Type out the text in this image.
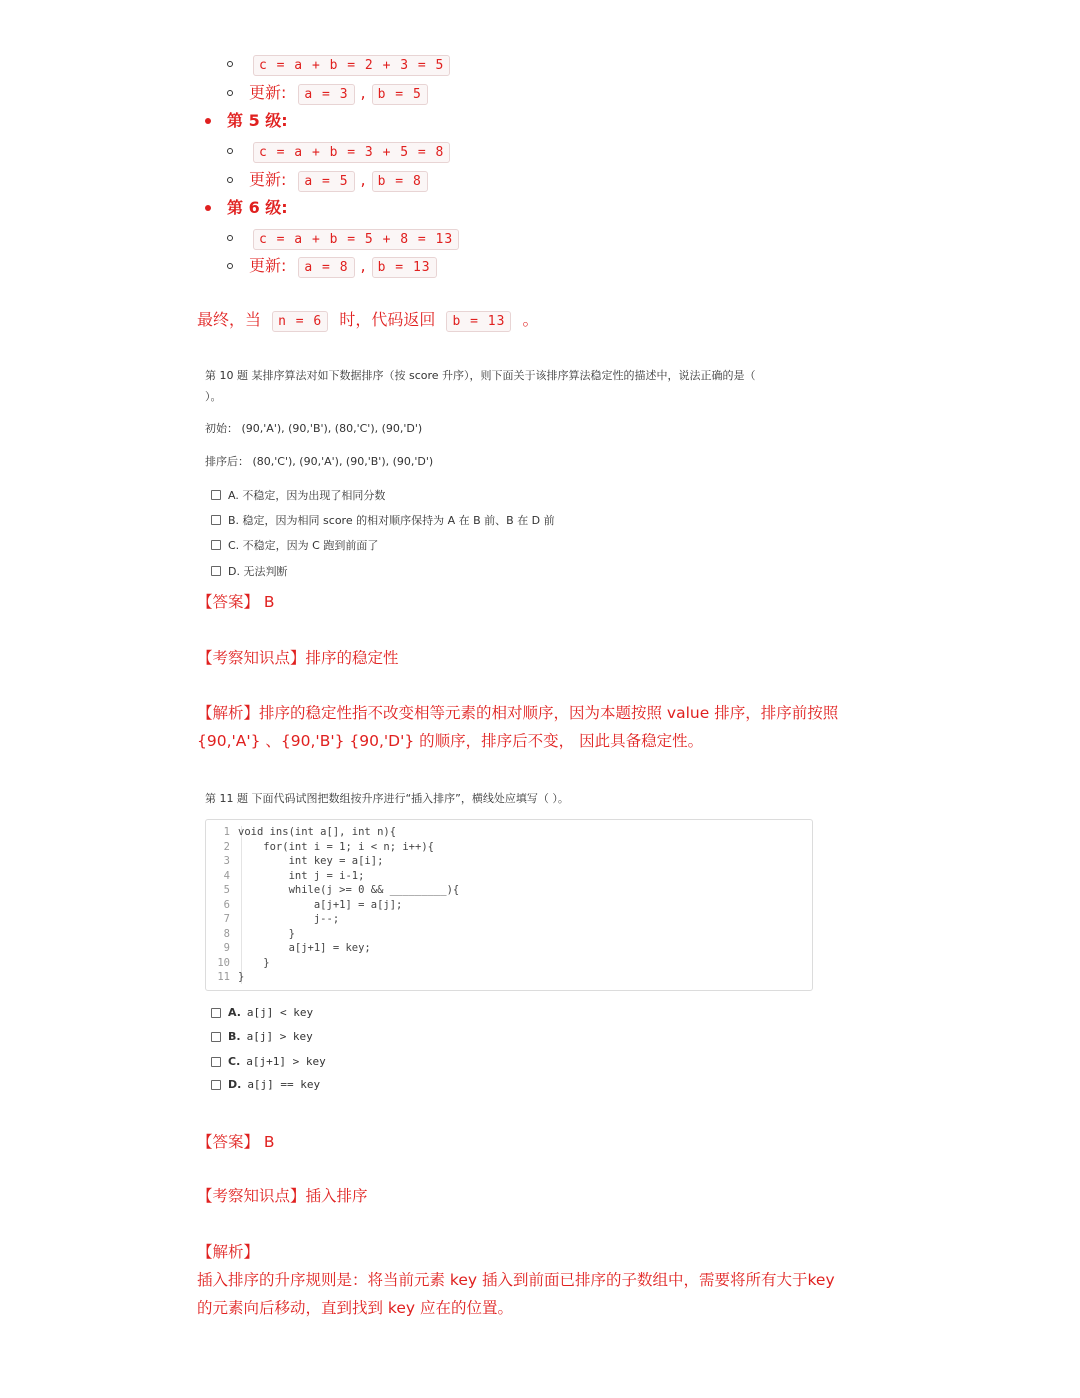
c = a + b = 2 + 3 = 5
更新: a = 3 , b = 5
第 5 级:
c = a + b = 3 + 5 = 8
更新: a = 5 , b = 8
第 6 级:
c = a + b = 5 + 8 = 13
更新: a = 8 , b = 13
最终，当 n = 6 时，代码返回 b = 13 。
第 10 题 某排序算法对如下数据排序（按 score 升序），则下面关于该排序算法稳定性的描述中，说法正确的是（
）。
初始： (90,'A'), (90,'B'), (80,'C'), (90,'D')
排序后： (80,'C'), (90,'A'), (90,'B'), (90,'D')
A. 不稳定，因为出现了相同分数
B. 稳定，因为相同 score 的相对顺序保持为 A 在 B 前、B 在 D 前
C. 不稳定，因为 C 跑到前面了
D. 无法判断
【答案】 B
【考察知识点】排序的稳定性
【解析】排序的稳定性指不改变相等元素的相对顺序，因为本题按照 value 排序，排序前按照
{90,'A'} 、{90,'B'} {90,'D'} 的顺序，排序后不变， 因此具备稳定性。
第 11 题 下面代码试图把数组按升序进行“插入排序”，横线处应填写（ ）。
1 void ins(int a[], int n){
2    for(int i = 1; i < n; i++){
3        int key = a[i];
4        int j = i-1;
5        while(j >= 0 && _________){
6            a[j+1] = a[j];
7            j--;
8        }
9        a[j+1] = key;
10    }
11 }
A. a[j] < key
B. a[j] > key
C. a[j+1] > key
D. a[j] == key
【答案】 B
【考察知识点】插入排序
【解析】
插入排序的升序规则是：将当前元素 key 插入到前面已排序的子数组中，需要将所有大于key
的元素向后移动，直到找到 key 应在的位置。
